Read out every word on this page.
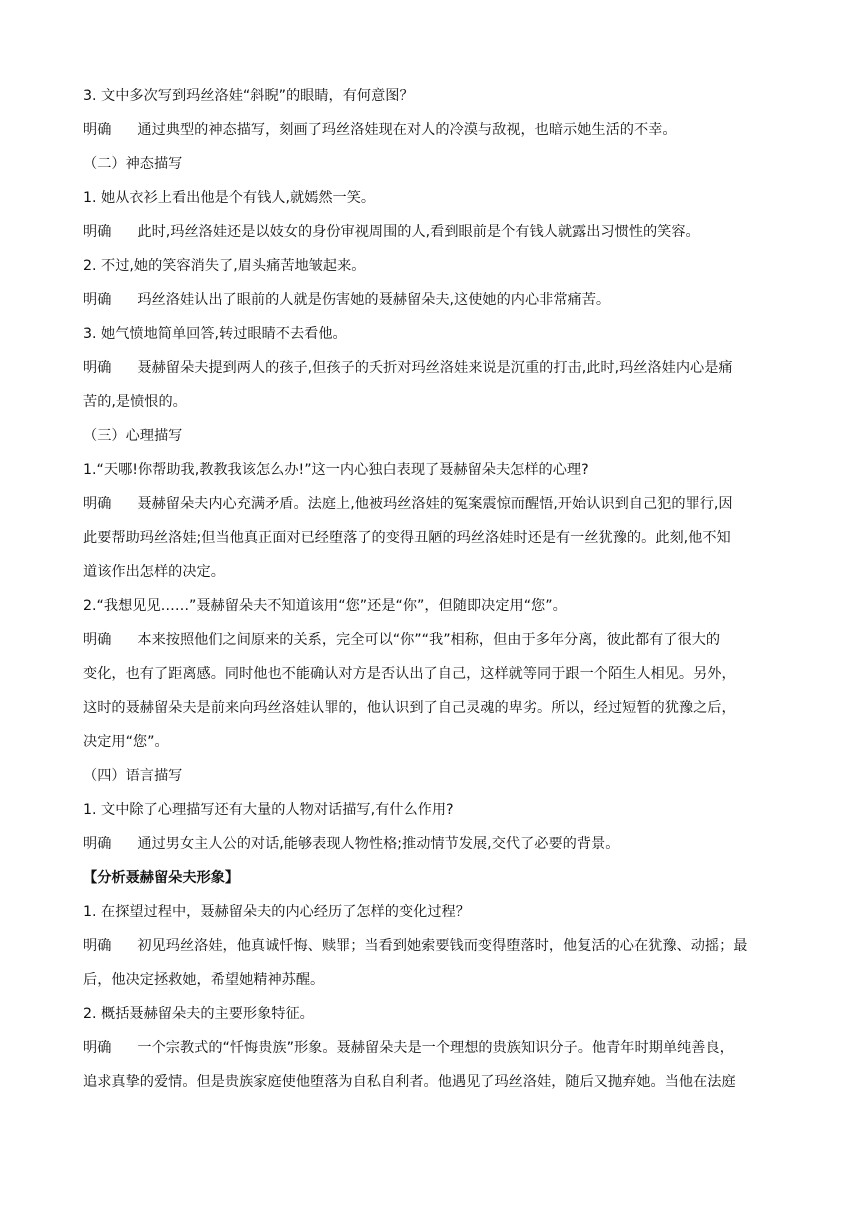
3. 文中多次写到玛丝洛娃“斜睨”的眼睛，有何意图？
明确 通过典型的神态描写，刻画了玛丝洛娃现在对人的冷漠与敌视，也暗示她生活的不幸。
（二）神态描写
1. 她从衣衫上看出他是个有钱人,就嫣然一笑。
明确 此时,玛丝洛娃还是以妓女的身份审视周围的人,看到眼前是个有钱人就露出习惯性的笑容。
2. 不过,她的笑容消失了,眉头痛苦地皱起来。
明确 玛丝洛娃认出了眼前的人就是伤害她的聂赫留朵夫,这使她的内心非常痛苦。
3. 她气愤地简单回答,转过眼睛不去看他。
明确 聂赫留朵夫提到两人的孩子,但孩子的夭折对玛丝洛娃来说是沉重的打击,此时,玛丝洛娃内心是痛
苦的,是愤恨的。
（三）心理描写
1.“天哪!你帮助我,教教我该怎么办!”这一内心独白表现了聂赫留朵夫怎样的心理?
明确 聂赫留朵夫内心充满矛盾。法庭上,他被玛丝洛娃的冤案震惊而醒悟,开始认识到自己犯的罪行,因
此要帮助玛丝洛娃;但当他真正面对已经堕落了的变得丑陋的玛丝洛娃时还是有一丝犹豫的。此刻,他不知
道该作出怎样的决定。
2.“我想见见……”聂赫留朵夫不知道该用“您”还是“你”，但随即决定用“您”。
明确 本来按照他们之间原来的关系，完全可以“你”“我”相称，但由于多年分离，彼此都有了很大的
变化，也有了距离感。同时他也不能确认对方是否认出了自己，这样就等同于跟一个陌生人相见。另外，
这时的聂赫留朵夫是前来向玛丝洛娃认罪的，他认识到了自己灵魂的卑劣。所以，经过短暂的犹豫之后，
决定用“您”。
（四）语言描写
1. 文中除了心理描写还有大量的人物对话描写,有什么作用?
明确 通过男女主人公的对话,能够表现人物性格;推动情节发展,交代了必要的背景。
【分析聂赫留朵夫形象】
1. 在探望过程中，聂赫留朵夫的内心经历了怎样的变化过程？
明确 初见玛丝洛娃，他真诚忏悔、赎罪；当看到她索要钱而变得堕落时，他复活的心在犹豫、动摇；最
后，他决定拯救她，希望她精神苏醒。
2. 概括聂赫留朵夫的主要形象特征。
明确 一个宗教式的“忏悔贵族”形象。聂赫留朵夫是一个理想的贵族知识分子。他青年时期单纯善良，
追求真挚的爱情。但是贵族家庭使他堕落为自私自利者。他遇见了玛丝洛娃，随后又抛弃她。当他在法庭
